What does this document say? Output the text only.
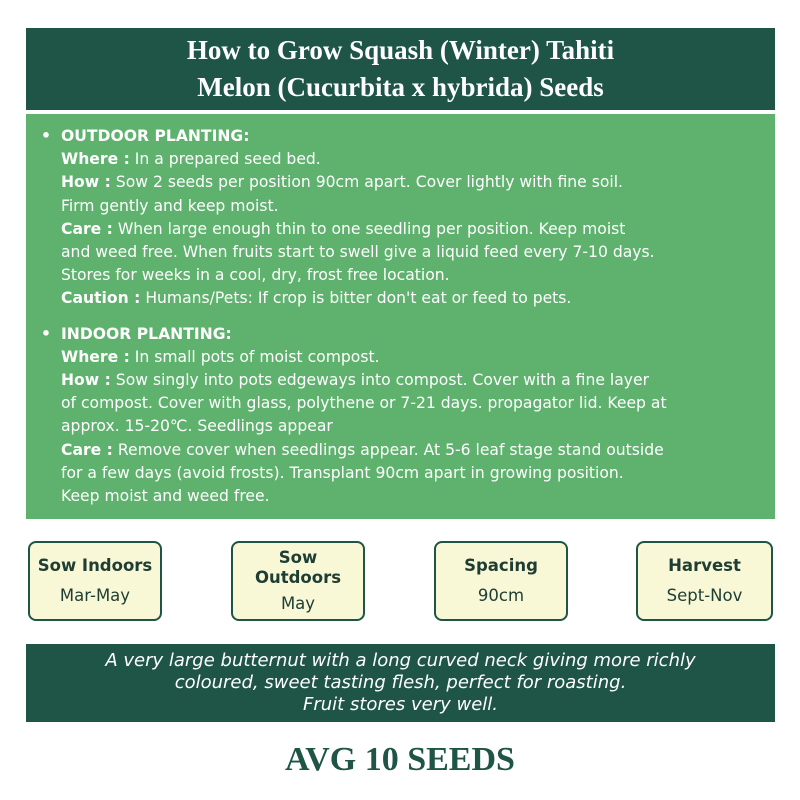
How to Grow Squash (Winter) Tahiti
Melon (Cucurbita x hybrida) Seeds
• OUTDOOR PLANTING:
Where : In a prepared seed bed.
How : Sow 2 seeds per position 90cm apart. Cover lightly with fine soil.
Firm gently and keep moist.
Care : When large enough thin to one seedling per position. Keep moist
and weed free. When fruits start to swell give a liquid feed every 7-10 days.
Stores for weeks in a cool, dry, frost free location.
Caution : Humans/Pets: If crop is bitter don't eat or feed to pets.
• INDOOR PLANTING:
Where : In small pots of moist compost.
How : Sow singly into pots edgeways into compost. Cover with a fine layer
of compost. Cover with glass, polythene or 7-21 days. propagator lid. Keep at
approx. 15-20℃. Seedlings appear
Care : Remove cover when seedlings appear. At 5-6 leaf stage stand outside
for a few days (avoid frosts). Transplant 90cm apart in growing position.
Keep moist and weed free.
Sow Indoors
Mar-May
Sow
Outdoors
May
Spacing
90cm
Harvest
Sept-Nov
A very large butternut with a long curved neck giving more richly
coloured, sweet tasting flesh, perfect for roasting.
Fruit stores very well.
AVG 10 SEEDS
